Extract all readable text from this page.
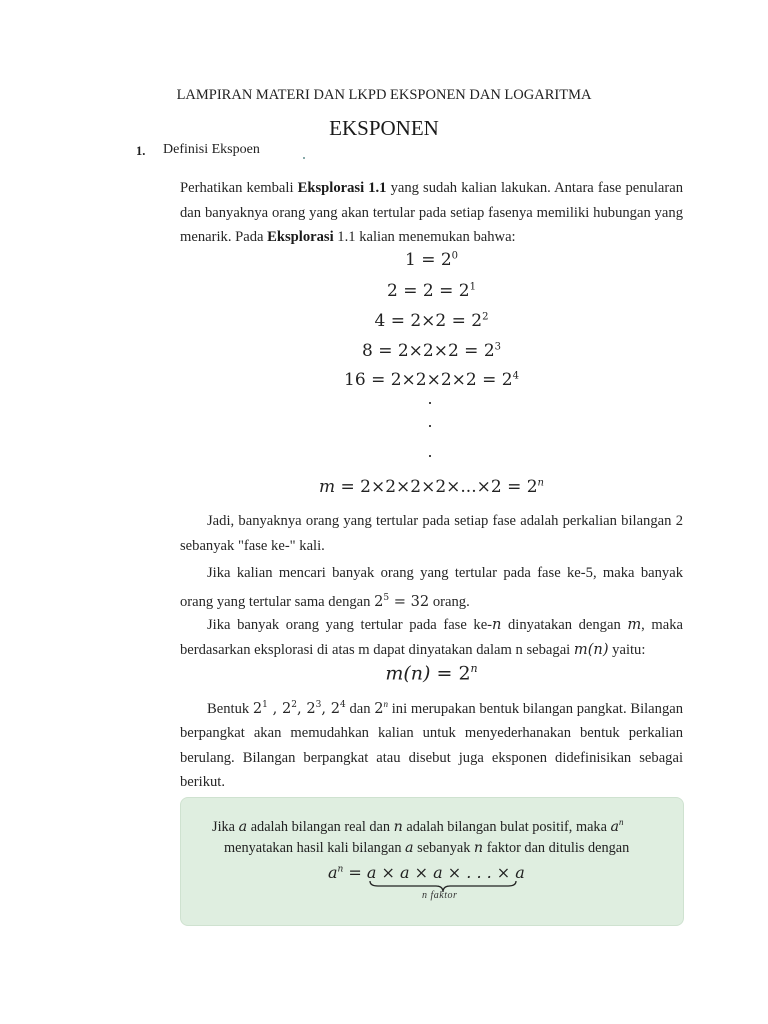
LAMPIRAN MATERI DAN LKPD EKSPONEN DAN LOGARITMA
EKSPONEN
1. Definisi Ekspoen
Perhatikan kembali Eksplorasi 1.1 yang sudah kalian lakukan. Antara fase penularan dan banyaknya orang yang akan tertular pada setiap fasenya memiliki hubungan yang menarik. Pada Eksplorasi 1.1 kalian menemukan bahwa:
$1 = 2^0$
$2 = 2 = 2^1$
$4 = 2\times 2 = 2^2$
$8 = 2\times 2\times 2 = 2^3$
$16 = 2\times 2\times 2\times 2 = 2^4$
$m = 2\times 2\times 2\times 2\times...\times 2 = 2^n$
Jadi, banyaknya orang yang tertular pada setiap fase adalah perkalian bilangan 2 sebanyak "fase ke-" kali.
Jika kalian mencari banyak orang yang tertular pada fase ke-5, maka banyak orang yang tertular sama dengan $2^5 = 32$ orang.
Jika banyak orang yang tertular pada fase ke-n dinyatakan dengan m, maka berdasarkan eksplorasi di atas m dapat dinyatakan dalam n sebagai m(n) yaitu:
$m(n) = 2^n$
Bentuk $2^1$ , $2^2$, $2^3$, $2^4$ dan 2$^n$ ini merupakan bentuk bilangan pangkat. Bilangan berpangkat akan memudahkan kalian untuk menyederhanakan bentuk perkalian berulang. Bilangan berpangkat atau disebut juga eksponen didefinisikan sebagai berikut.
Jika a adalah bilangan real dan n adalah bilangan bulat positif, maka $a^n$
menyatakan hasil kali bilangan a sebanyak n faktor dan ditulis dengan
$a^n = a \times a \times a$ × . . . × a
n faktor
